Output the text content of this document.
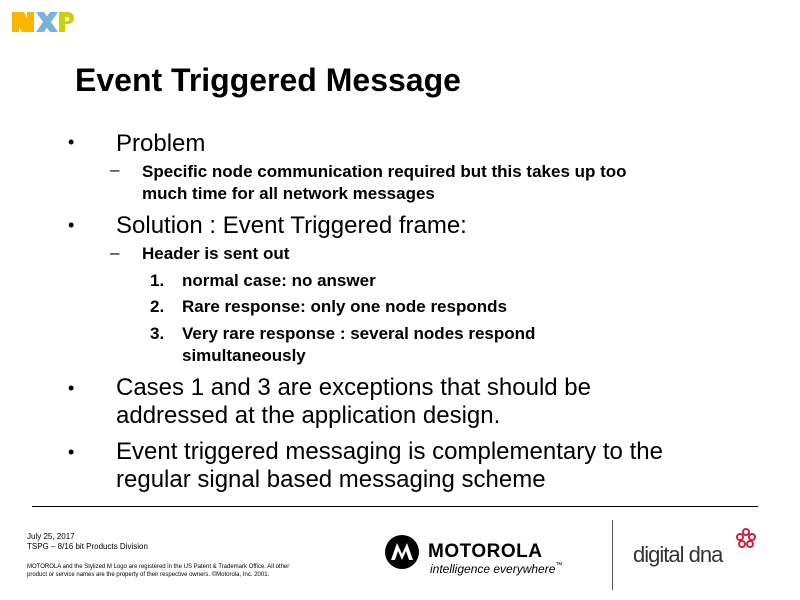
Event Triggered Message
• Problem
– Specific node communication required but this takes up too
much time for all network messages
• Solution : Event Triggered frame:
– Header is sent out
1. normal case: no answer
2. Rare response: only one node responds
3. Very rare response : several nodes respond
simultaneously
• Cases 1 and 3 are exceptions that should be
addressed at the application design.
• Event triggered messaging is complementary to the
regular signal based messaging scheme
July 25, 2017
TSPG – 8/16 bit Products Division
MOTOROLA and the Stylized M Logo are registered in the US Patent & Trademark Office. All other
product or service names are the property of their respective owners. ©Motorola, Inc. 2001.
MOTOROLA
intelligence everywhere™	digital dna
